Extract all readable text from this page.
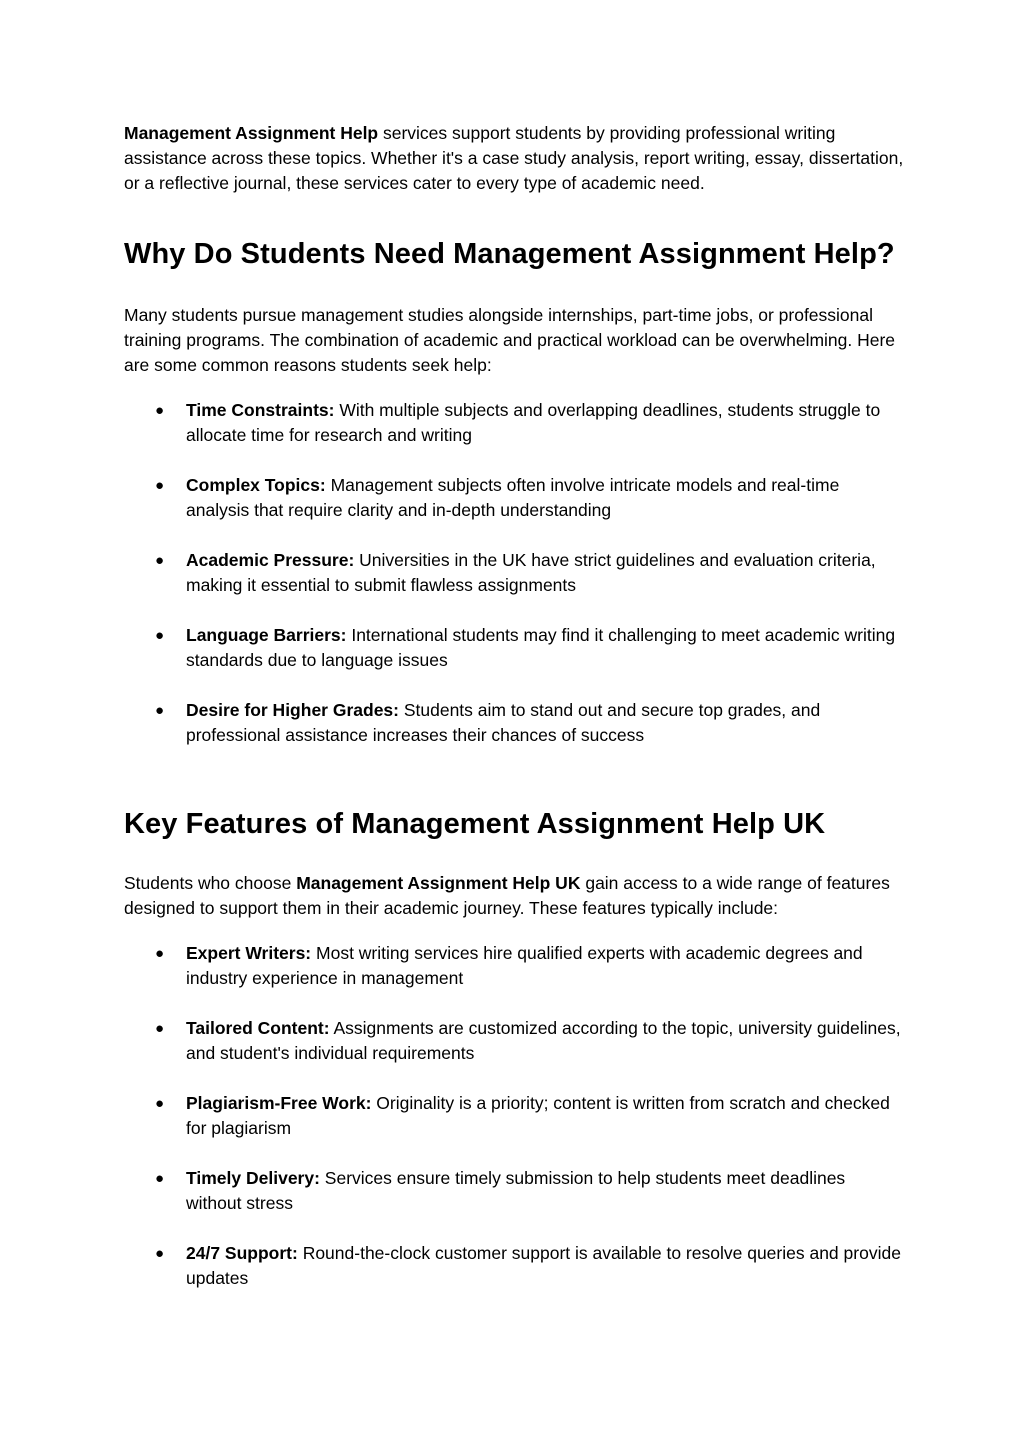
Management Assignment Help services support students by providing professional writing assistance across these topics. Whether it's a case study analysis, report writing, essay, dissertation, or a reflective journal, these services cater to every type of academic need.

Why Do Students Need Management Assignment Help?

Many students pursue management studies alongside internships, part-time jobs, or professional training programs. The combination of academic and practical workload can be overwhelming. Here are some common reasons students seek help:

● Time Constraints: With multiple subjects and overlapping deadlines, students struggle to allocate time for research and writing
● Complex Topics: Management subjects often involve intricate models and real-time analysis that require clarity and in-depth understanding
● Academic Pressure: Universities in the UK have strict guidelines and evaluation criteria, making it essential to submit flawless assignments
● Language Barriers: International students may find it challenging to meet academic writing standards due to language issues
● Desire for Higher Grades: Students aim to stand out and secure top grades, and professional assistance increases their chances of success
Key Features of Management Assignment Help UK

Students who choose Management Assignment Help UK gain access to a wide range of features designed to support them in their academic journey. These features typically include:

● Expert Writers: Most writing services hire qualified experts with academic degrees and industry experience in management
● Tailored Content: Assignments are customized according to the topic, university guidelines, and student's individual requirements
● Plagiarism-Free Work: Originality is a priority; content is written from scratch and checked for plagiarism
● Timely Delivery: Services ensure timely submission to help students meet deadlines without stress
● 24/7 Support: Round-the-clock customer support is available to resolve queries and provide updates
